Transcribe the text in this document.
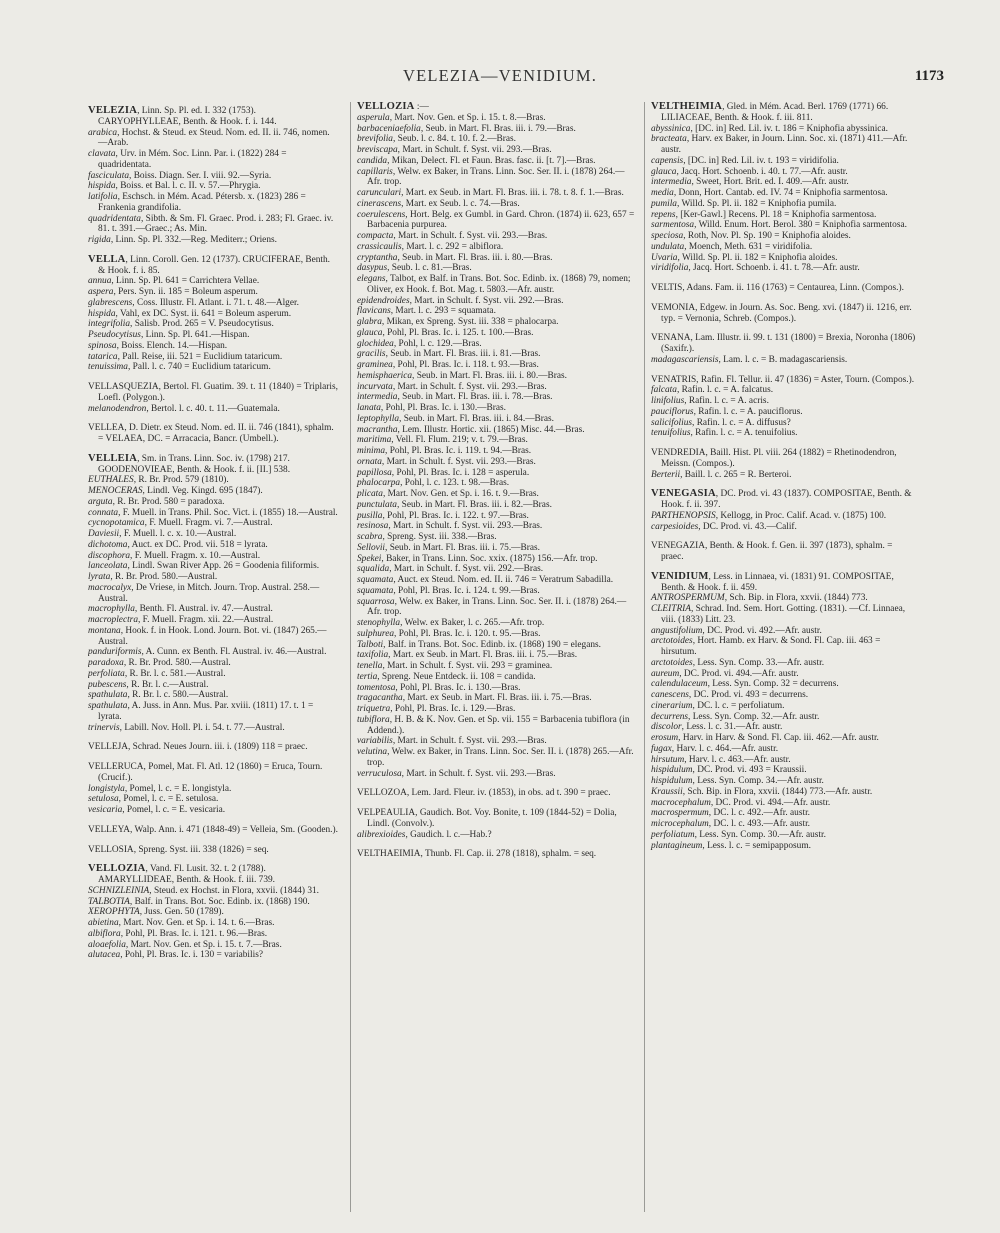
VELEZIA—VENIDIUM.	1173

VELEZIA, Linn. Sp. Pl. ed. I. 332 (1753). CARYOPHYLLEAE, Benth. & Hook. f. i. 144.

arabica, Hochst. & Steud. ex Steud. Nom. ed. II. ii. 746, nomen.—Arab.

clavata, Urv. in Mém. Soc. Linn. Par. i. (1822) 284 = quadridentata.

fasciculata, Boiss. Diagn. Ser. I. viii. 92.—Syria.

hispida, Boiss. et Bal. l. c. II. v. 57.—Phrygia.

latifolia, Eschsch. in Mém. Acad. Pétersb. x. (1823) 286 = Frankenia grandifolia.

quadridentata, Sibth. & Sm. Fl. Graec. Prod. i. 283; Fl. Graec. iv. 81. t. 391.—Graec.; As. Min.

rigida, Linn. Sp. Pl. 332.—Reg. Mediterr.; Oriens.

VELLA, Linn. Coroll. Gen. 12 (1737). CRUCIFERAE, Benth. & Hook. f. i. 85.

annua, Linn. Sp. Pl. 641 = Carrichtera Vellae.

aspera, Pers. Syn. ii. 185 = Boleum asperum.

glabrescens, Coss. Illustr. Fl. Atlant. i. 71. t. 48.—Alger.

hispida, Vahl, ex DC. Syst. ii. 641 = Boleum asperum.

integrifolia, Salisb. Prod. 265 = V. Pseudocytisus.

Pseudocytisus, Linn. Sp. Pl. 641.—Hispan.

spinosa, Boiss. Elench. 14.—Hispan.

tatarica, Pall. Reise, iii. 521 = Euclidium tataricum.

tenuissima, Pall. l. c. 740 = Euclidium tataricum.

VELLASQUEZIA, Bertol. Fl. Guatim. 39. t. 11 (1840) = Triplaris, Loefl. (Polygon.).

melanodendron, Bertol. l. c. 40. t. 11.—Guatemala.

VELLEA, D. Dietr. ex Steud. Nom. ed. II. ii. 746 (1841), sphalm. = VELAEA, DC. = Arracacia, Bancr. (Umbell.).

VELLEIA, Sm. in Trans. Linn. Soc. iv. (1798) 217. GOODENOVIEAE, Benth. & Hook. f. ii. [II.] 538.

EUTHALES, R. Br. Prod. 579 (1810).

MENOCERAS, Lindl. Veg. Kingd. 695 (1847).

arguta, R. Br. Prod. 580 = paradoxa.

connata, F. Muell. in Trans. Phil. Soc. Vict. i. (1855) 18.—Austral.

cycnopotamica, F. Muell. Fragm. vi. 7.—Austral.

Daviesii, F. Muell. l. c. x. 10.—Austral.

dichotoma, Auct. ex DC. Prod. vii. 518 = lyrata.

discophora, F. Muell. Fragm. x. 10.—Austral.

lanceolata, Lindl. Swan River App. 26 = Goodenia filiformis.

lyrata, R. Br. Prod. 580.—Austral.

macrocalyx, De Vriese, in Mitch. Journ. Trop. Austral. 258.—Austral.

macrophylla, Benth. Fl. Austral. iv. 47.—Austral.

macroplectra, F. Muell. Fragm. xii. 22.—Austral.

montana, Hook. f. in Hook. Lond. Journ. Bot. vi. (1847) 265.—Austral.

panduriformis, A. Cunn. ex Benth. Fl. Austral. iv. 46.—Austral.

paradoxa, R. Br. Prod. 580.—Austral.

perfoliata, R. Br. l. c. 581.—Austral.

pubescens, R. Br. l. c.—Austral.

spathulata, R. Br. l. c. 580.—Austral.

spathulata, A. Juss. in Ann. Mus. Par. xviii. (1811) 17. t. 1 = lyrata.

trinervis, Labill. Nov. Holl. Pl. i. 54. t. 77.—Austral.

VELLEJA, Schrad. Neues Journ. iii. i. (1809) 118 = praec.

VELLERUCA, Pomel, Mat. Fl. Atl. 12 (1860) = Eruca, Tourn. (Crucif.).

longistyla, Pomel, l. c. = E. longistyla.

setulosa, Pomel, l. c. = E. setulosa.

vesicaria, Pomel, l. c. = E. vesicaria.

VELLEYA, Walp. Ann. i. 471 (1848-49) = Velleia, Sm. (Gooden.).

VELLOSIA, Spreng. Syst. iii. 338 (1826) = seq.

VELLOZIA, Vand. Fl. Lusit. 32. t. 2 (1788). AMARYLLIDEAE, Benth. & Hook. f. iii. 739.

SCHNIZLEINIA, Steud. ex Hochst. in Flora, xxvii. (1844) 31.

TALBOTIA, Balf. in Trans. Bot. Soc. Edinb. ix. (1868) 190.

XEROPHYTA, Juss. Gen. 50 (1789).

abietina, Mart. Nov. Gen. et Sp. i. 14. t. 6.—Bras.

albiflora, Pohl, Pl. Bras. Ic. i. 121. t. 96.—Bras.

aloaefolia, Mart. Nov. Gen. et Sp. i. 15. t. 7.—Bras.

alutacea, Pohl, Pl. Bras. Ic. i. 130 = variabilis?

VELLOZIA :—

asperula, Mart. Nov. Gen. et Sp. i. 15. t. 8.—Bras.

barbaceniaefolia, Seub. in Mart. Fl. Bras. iii. i. 79.—Bras.

brevifolia, Seub. l. c. 84. t. 10. f. 2.—Bras.

breviscapa, Mart. in Schult. f. Syst. vii. 293.—Bras.

candida, Mikan, Delect. Fl. et Faun. Bras. fasc. ii. [t. 7].—Bras.

capillaris, Welw. ex Baker, in Trans. Linn. Soc. Ser. II. i. (1878) 264.—Afr. trop.

carunculari, Mart. ex Seub. in Mart. Fl. Bras. iii. i. 78. t. 8. f. 1.—Bras.

cinerascens, Mart. ex Seub. l. c. 74.—Bras.

coerulescens, Hort. Belg. ex Gumbl. in Gard. Chron. (1874) ii. 623, 657 = Barbacenia purpurea.

compacta, Mart. in Schult. f. Syst. vii. 293.—Bras.

crassicaulis, Mart. l. c. 292 = albiflora.

cryptantha, Seub. in Mart. Fl. Bras. iii. i. 80.—Bras.

dasypus, Seub. l. c. 81.—Bras.

elegans, Talbot, ex Balf. in Trans. Bot. Soc. Edinb. ix. (1868) 79, nomen; Oliver, ex Hook. f. Bot. Mag. t. 5803.—Afr. austr.

epidendroides, Mart. in Schult. f. Syst. vii. 292.—Bras.

flavicans, Mart. l. c. 293 = squamata.

glabra, Mikan, ex Spreng. Syst. iii. 338 = phalocarpa.

glauca, Pohl, Pl. Bras. Ic. i. 125. t. 100.—Bras.

glochidea, Pohl, l. c. 129.—Bras.

gracilis, Seub. in Mart. Fl. Bras. iii. i. 81.—Bras.

graminea, Pohl, Pl. Bras. Ic. i. 118. t. 93.—Bras.

hemisphaerica, Seub. in Mart. Fl. Bras. iii. i. 80.—Bras.

incurvata, Mart. in Schult. f. Syst. vii. 293.—Bras.

intermedia, Seub. in Mart. Fl. Bras. iii. i. 78.—Bras.

lanata, Pohl, Pl. Bras. Ic. i. 130.—Bras.

leptophylla, Seub. in Mart. Fl. Bras. iii. i. 84.—Bras.

macrantha, Lem. Illustr. Hortic. xii. (1865) Misc. 44.—Bras.

maritima, Vell. Fl. Flum. 219; v. t. 79.—Bras.

minima, Pohl, Pl. Bras. Ic. i. 119. t. 94.—Bras.

ornata, Mart. in Schult. f. Syst. vii. 293.—Bras.

papillosa, Pohl, Pl. Bras. Ic. i. 128 = asperula.

phalocarpa, Pohl, l. c. 123. t. 98.—Bras.

plicata, Mart. Nov. Gen. et Sp. i. 16. t. 9.—Bras.

punctulata, Seub. in Mart. Fl. Bras. iii. i. 82.—Bras.

pusilla, Pohl, Pl. Bras. Ic. i. 122. t. 97.—Bras.

resinosa, Mart. in Schult. f. Syst. vii. 293.—Bras.

scabra, Spreng. Syst. iii. 338.—Bras.

Sellovii, Seub. in Mart. Fl. Bras. iii. i. 75.—Bras.

Spekei, Baker, in Trans. Linn. Soc. xxix. (1875) 156.—Afr. trop.

squalida, Mart. in Schult. f. Syst. vii. 292.—Bras.

squamata, Auct. ex Steud. Nom. ed. II. ii. 746 = Veratrum Sabadilla.

squamata, Pohl, Pl. Bras. Ic. i. 124. t. 99.—Bras.

squarrosa, Welw. ex Baker, in Trans. Linn. Soc. Ser. II. i. (1878) 264.—Afr. trop.

stenophylla, Welw. ex Baker, l. c. 265.—Afr. trop.

sulphurea, Pohl, Pl. Bras. Ic. i. 120. t. 95.—Bras.

Talboti, Balf. in Trans. Bot. Soc. Edinb. ix. (1868) 190 = elegans.

taxifolia, Mart. ex Seub. in Mart. Fl. Bras. iii. i. 75.—Bras.

tenella, Mart. in Schult. f. Syst. vii. 293 = graminea.

tertia, Spreng. Neue Entdeck. ii. 108 = candida.

tomentosa, Pohl, Pl. Bras. Ic. i. 130.—Bras.

tragacantha, Mart. ex Seub. in Mart. Fl. Bras. iii. i. 75.—Bras.

triquetra, Pohl, Pl. Bras. Ic. i. 129.—Bras.

tubiflora, H. B. & K. Nov. Gen. et Sp. vii. 155 = Barbacenia tubiflora (in Addend.).

variabilis, Mart. in Schult. f. Syst. vii. 293.—Bras.

velutina, Welw. ex Baker, in Trans. Linn. Soc. Ser. II. i. (1878) 265.—Afr. trop.

verruculosa, Mart. in Schult. f. Syst. vii. 293.—Bras.

VELLOZOA, Lem. Jard. Fleur. iv. (1853), in obs. ad t. 390 = praec.

VELPEAULIA, Gaudich. Bot. Voy. Bonite, t. 109 (1844-52) = Dolia, Lindl. (Convolv.).

alibrexioides, Gaudich. l. c.—Hab.?

VELTHAEIMIA, Thunb. Fl. Cap. ii. 278 (1818), sphalm. = seq.

VELTHEIMIA, Gled. in Mém. Acad. Berl. 1769 (1771) 66. LILIACEAE, Benth. & Hook. f. iii. 811.

abyssinica, [DC. in] Red. Lil. iv. t. 186 = Kniphofia abyssinica.

bracteata, Harv. ex Baker, in Journ. Linn. Soc. xi. (1871) 411.—Afr. austr.

capensis, [DC. in] Red. Lil. iv. t. 193 = viridifolia.

glauca, Jacq. Hort. Schoenb. i. 40. t. 77.—Afr. austr.

intermedia, Sweet, Hort. Brit. ed. I. 409.—Afr. austr.

media, Donn, Hort. Cantab. ed. IV. 74 = Kniphofia sarmentosa.

pumila, Willd. Sp. Pl. ii. 182 = Kniphofia pumila.

repens, [Ker-Gawl.] Recens. Pl. 18 = Kniphofia sarmentosa.

sarmentosa, Willd. Enum. Hort. Berol. 380 = Kniphofia sarmentosa.

speciosa, Roth, Nov. Pl. Sp. 190 = Kniphofia aloides.

undulata, Moench, Meth. 631 = viridifolia.

Uvaria, Willd. Sp. Pl. ii. 182 = Kniphofia aloides.

viridifolia, Jacq. Hort. Schoenb. i. 41. t. 78.—Afr. austr.

VELTIS, Adans. Fam. ii. 116 (1763) = Centaurea, Linn. (Compos.).

VEMONIA, Edgew. in Journ. As. Soc. Beng. xvi. (1847) ii. 1216, err. typ. = Vernonia, Schreb. (Compos.).

VENANA, Lam. Illustr. ii. 99. t. 131 (1800) = Brexia, Noronha (1806) (Saxifr.).

madagascariensis, Lam. l. c. = B. madagascariensis.

VENATRIS, Rafin. Fl. Tellur. ii. 47 (1836) = Aster, Tourn. (Compos.).

falcata, Rafin. l. c. = A. falcatus.

linifolius, Rafin. l. c. = A. acris.

pauciflorus, Rafin. l. c. = A. pauciflorus.

salicifolius, Rafin. l. c. = A. diffusus?

tenuifolius, Rafin. l. c. = A. tenuifolius.

VENDREDIA, Baill. Hist. Pl. viii. 264 (1882) = Rhetinodendron, Meissn. (Compos.).

Berterii, Baill. l. c. 265 = R. Berteroi.

VENEGASIA, DC. Prod. vi. 43 (1837). COMPOSITAE, Benth. & Hook. f. ii. 397.

PARTHENOPSIS, Kellogg, in Proc. Calif. Acad. v. (1875) 100.

carpesioides, DC. Prod. vi. 43.—Calif.

VENEGAZIA, Benth. & Hook. f. Gen. ii. 397 (1873), sphalm. = praec.

VENIDIUM, Less. in Linnaea, vi. (1831) 91. COMPOSITAE, Benth. & Hook. f. ii. 459.

ANTROSPERMUM, Sch. Bip. in Flora, xxvii. (1844) 773.

CLEITRIA, Schrad. Ind. Sem. Hort. Gotting. (1831). —Cf. Linnaea, viii. (1833) Litt. 23.

angustifolium, DC. Prod. vi. 492.—Afr. austr.

arctotoides, Hort. Hamb. ex Harv. & Sond. Fl. Cap. iii. 463 = hirsutum.

arctotoides, Less. Syn. Comp. 33.—Afr. austr.

aureum, DC. Prod. vi. 494.—Afr. austr.

calendulaceum, Less. Syn. Comp. 32 = decurrens.

canescens, DC. Prod. vi. 493 = decurrens.

cinerarium, DC. l. c. = perfoliatum.

decurrens, Less. Syn. Comp. 32.—Afr. austr.

discolor, Less. l. c. 31.—Afr. austr.

erosum, Harv. in Harv. & Sond. Fl. Cap. iii. 462.—Afr. austr.

fugax, Harv. l. c. 464.—Afr. austr.

hirsutum, Harv. l. c. 463.—Afr. austr.

hispidulum, DC. Prod. vi. 493 = Kraussii.

hispidulum, Less. Syn. Comp. 34.—Afr. austr.

Kraussii, Sch. Bip. in Flora, xxvii. (1844) 773.—Afr. austr.

macrocephalum, DC. Prod. vi. 494.—Afr. austr.

macrospermum, DC. l. c. 492.—Afr. austr.

microcephalum, DC. l. c. 493.—Afr. austr.

perfoliatum, Less. Syn. Comp. 30.—Afr. austr.

plantagineum, Less. l. c. = semipapposum.
